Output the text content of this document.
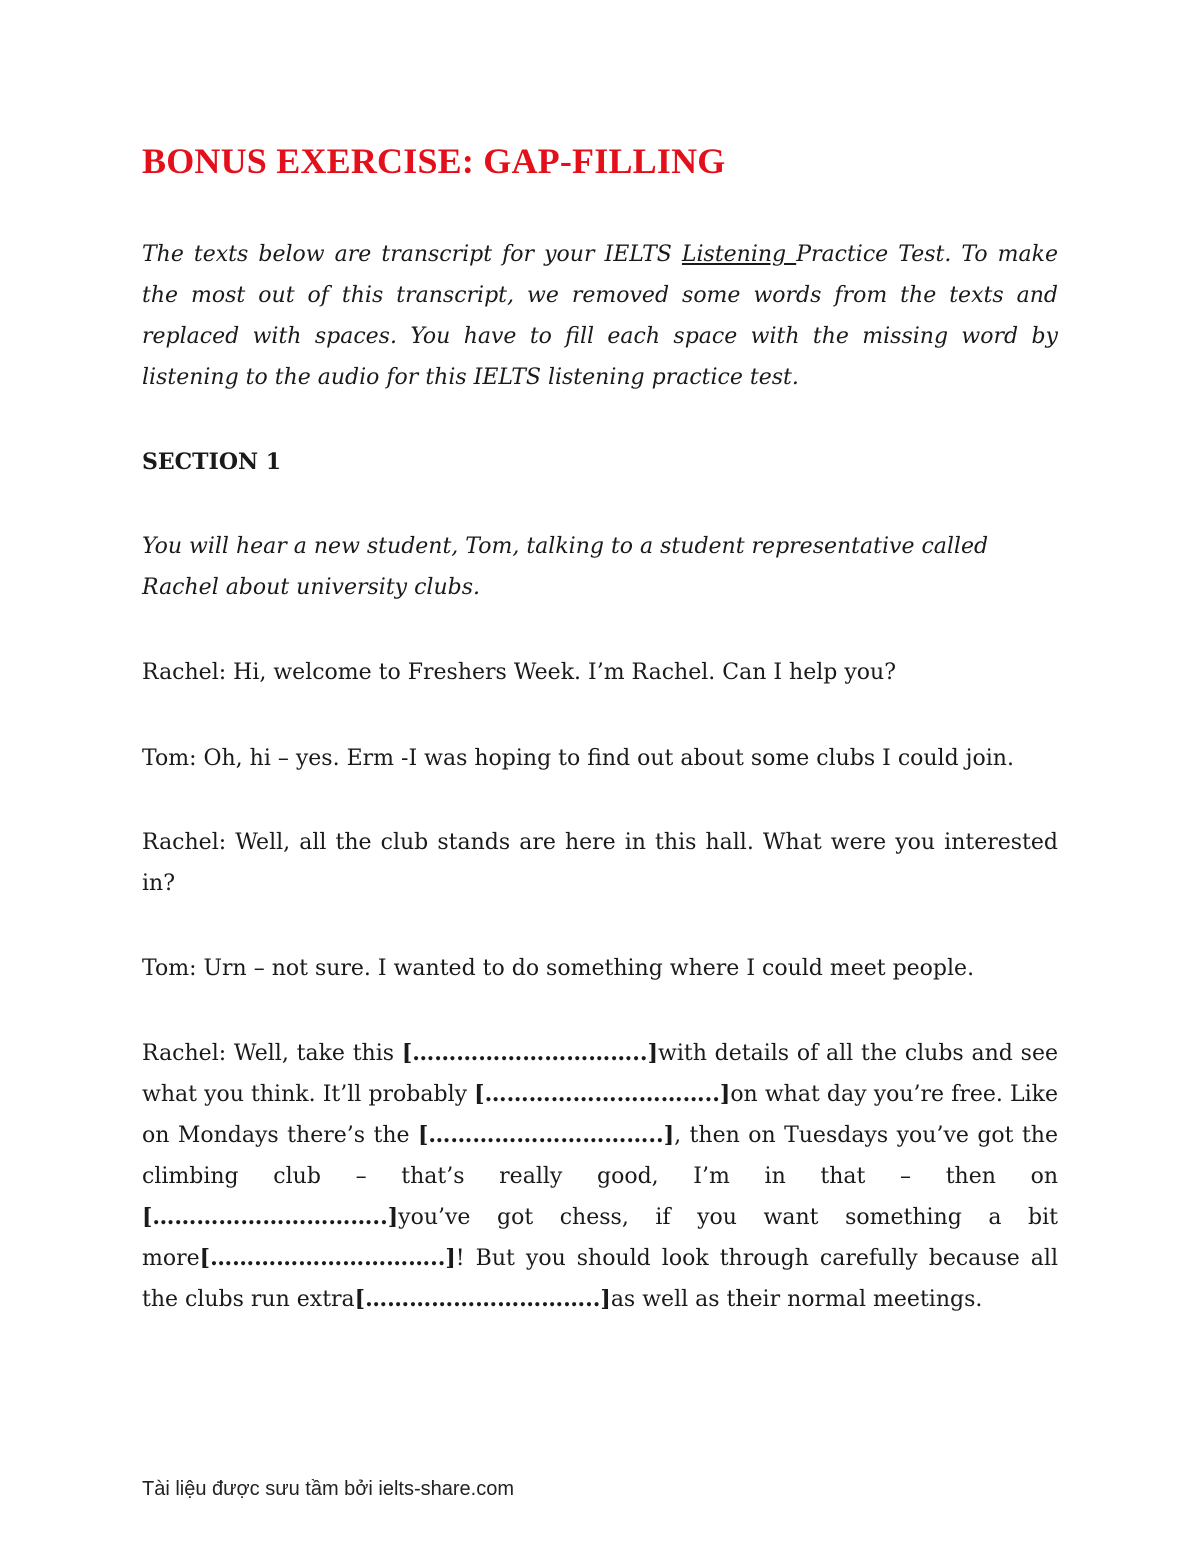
BONUS EXERCISE: GAP-FILLING

The texts below are transcript for your IELTS Listening Practice Test. To make the most out of this transcript, we removed some words from the texts and replaced with spaces. You have to fill each space with the missing word by listening to the audio for this IELTS listening practice test.

SECTION 1

You will hear a new student, Tom, talking to a student representative called Rachel about university clubs.

Rachel: Hi, welcome to Freshers Week. I’m Rachel. Can I help you?

Tom: Oh, hi – yes. Erm -I was hoping to find out about some clubs I could join.

Rachel: Well, all the club stands are here in this hall. What were you interested in?

Tom: Urn – not sure. I wanted to do something where I could meet people.

Rachel: Well, take this […………………………..]with details of all the clubs and see what you think. It’ll probably […………………………..]on what day you’re free. Like on Mondays there’s the […………………………..], then on Tuesdays you’ve got the climbing club – that’s really good, I’m in that – then on […………………………..]you’ve got chess, if you want something a bit more[…………………………..]! But you should look through carefully because all the clubs run extra[…………………………..]as well as their normal meetings.

Tài liệu được sưu tầm bởi ielts-share.com
